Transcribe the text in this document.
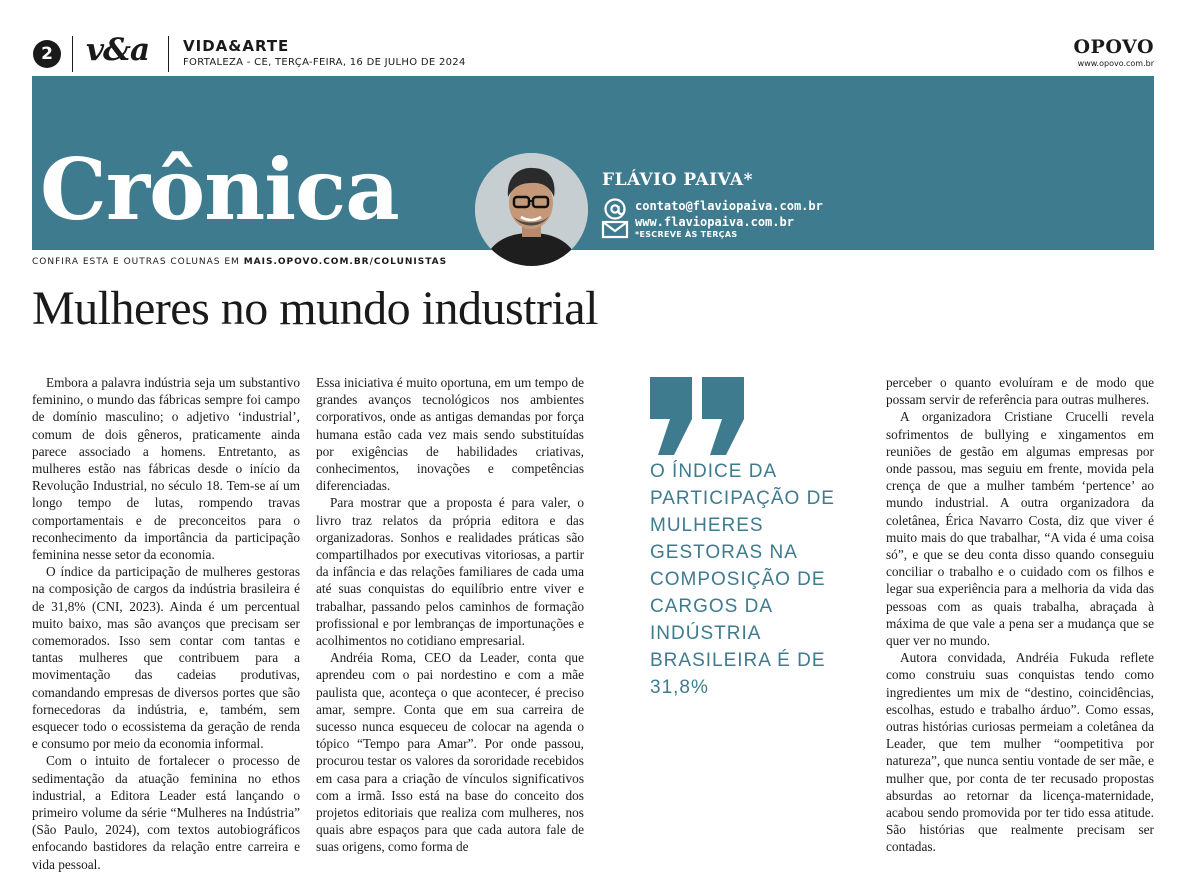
2 v&a VIDA&ARTE
FORTALEZA - CE, TERÇA-FEIRA, 16 DE JULHO DE 2024
OPOVO
www.opovo.com.br
Crônica	FLÁVIO PAIVA*
contato@flaviopaiva.com.br
www.flaviopaiva.com.br
*ESCREVE ÀS TERÇAS
CONFIRA ESTA E OUTRAS COLUNAS EM MAIS.OPOVO.COM.BR/COLUNISTAS
Mulheres no mundo industrial

Embora a palavra indústria seja um substantivo feminino, o mundo das fábricas sempre foi campo de domínio masculino; o adjetivo ‘industrial’, comum de dois gêneros, praticamente ainda parece associado a homens. Entretanto, as mulheres estão nas fábricas desde o início da Revolução Industrial, no século 18. Tem-se aí um longo tempo de lutas, rompendo travas comportamentais e de preconceitos para o reconhecimento da importância da participação feminina nesse setor da economia.

O índice da participação de mulheres gestoras na composição de cargos da indústria brasileira é de 31,8% (CNI, 2023). Ainda é um percentual muito baixo, mas são avanços que precisam ser comemorados. Isso sem contar com tantas e tantas mulheres que contribuem para a movimentação das cadeias produtivas, comandando empresas de diversos portes que são fornecedoras da indústria, e, também, sem esquecer todo o ecossistema da geração de renda e consumo por meio da economia informal.

Com o intuito de fortalecer o processo de sedimentação da atuação feminina no ethos industrial, a Editora Leader está lançando o primeiro volume da série “Mulheres na Indústria” (São Paulo, 2024), com textos autobiográficos enfocando bastidores da relação entre carreira e vida pessoal.

Essa iniciativa é muito oportuna, em um tempo de grandes avanços tecnológicos nos ambientes corporativos, onde as antigas demandas por força humana estão cada vez mais sendo substituídas por exigências de habilidades criativas, conhecimentos, inovações e competências diferenciadas.

Para mostrar que a proposta é para valer, o livro traz relatos da própria editora e das organizadoras. Sonhos e realidades práticas são compartilhados por executivas vitoriosas, a partir da infância e das relações familiares de cada uma até suas conquistas do equilíbrio entre viver e trabalhar, passando pelos caminhos de formação profissional e por lembranças de importunações e acolhimentos no cotidiano empresarial.

Andréia Roma, CEO da Leader, conta que aprendeu com o pai nordestino e com a mãe paulista que, aconteça o que acontecer, é preciso amar, sempre. Conta que em sua carreira de sucesso nunca esqueceu de colocar na agenda o tópico “Tempo para Amar”. Por onde passou, procurou testar os valores da sororidade recebidos em casa para a criação de vínculos significativos com a irmã. Isso está na base do conceito dos projetos editoriais que realiza com mulheres, nos quais abre espaços para que cada autora fale de suas origens, como forma de

O ÍNDICE DA PARTICIPAÇÃO DE MULHERES GESTORAS NA COMPOSIÇÃO DE CARGOS DA INDÚSTRIA BRASILEIRA É DE 31,8%

perceber o quanto evoluíram e de modo que possam servir de referência para outras mulheres.

A organizadora Cristiane Crucelli revela sofrimentos de bullying e xingamentos em reuniões de gestão em algumas empresas por onde passou, mas seguiu em frente, movida pela crença de que a mulher também ‘pertence’ ao mundo industrial. A outra organizadora da coletânea, Érica Navarro Costa, diz que viver é muito mais do que trabalhar, “A vida é uma coisa só”, e que se deu conta disso quando conseguiu conciliar o trabalho e o cuidado com os filhos e legar sua experiência para a melhoria da vida das pessoas com as quais trabalha, abraçada à máxima de que vale a pena ser a mudança que se quer ver no mundo.

Autora convidada, Andréia Fukuda reflete como construiu suas conquistas tendo como ingredientes um mix de “destino, coincidências, escolhas, estudo e trabalho árduo”. Como essas, outras histórias curiosas permeiam a coletânea da Leader, que tem mulher “oompetitiva por natureza”, que nunca sentiu vontade de ser mãe, e mulher que, por conta de ter recusado propostas absurdas ao retornar da licença-maternidade, acabou sendo promovida por ter tido essa atitude. São histórias que realmente precisam ser contadas.
